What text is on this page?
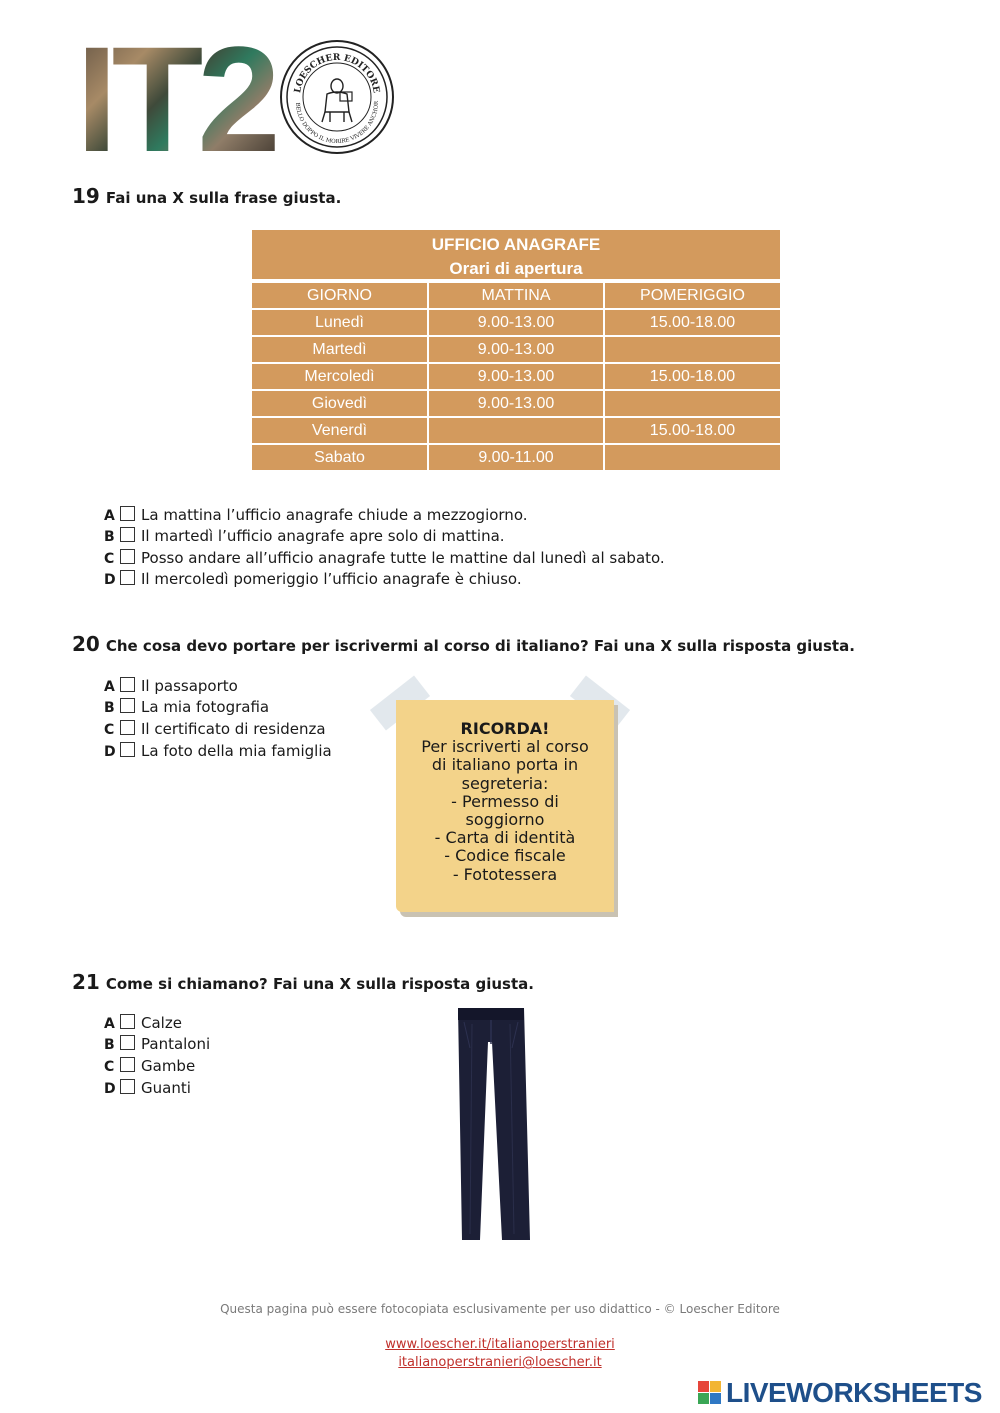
IT2 LOESCHER EDITORE
BELLO DOPPO IL MORIRE VIVERE ANCHOR
19 Fai una X sulla frase giusta.
UFFICIO ANAGRAFE
Orari di apertura
GIORNO	MATTINA	POMERIGGIO
Lunedì	9.00-13.00	15.00-18.00
Martedì	9.00-13.00	
Mercoledì	9.00-13.00	15.00-18.00
Giovedì	9.00-13.00	
Venerdì		15.00-18.00
Sabato	9.00-11.00	
A La mattina l’ufficio anagrafe chiude a mezzogiorno.
B Il martedì l’ufficio anagrafe apre solo di mattina.
C Posso andare all’ufficio anagrafe tutte le mattine dal lunedì al sabato.
D Il mercoledì pomeriggio l’ufficio anagrafe è chiuso.
20 Che cosa devo portare per iscrivermi al corso di italiano? Fai una X sulla risposta giusta.
A Il passaporto
B La mia fotografia
C Il certificato di residenza
D La foto della mia famiglia
RICORDA!
Per iscriverti al corso
di italiano porta in
segreteria:
- Permesso di
soggiorno
- Carta di identità
- Codice fiscale
- Fototessera
21 Come si chiamano? Fai una X sulla risposta giusta.
A Calze
B Pantaloni
C Gambe
D Guanti
Questa pagina può essere fotocopiata esclusivamente per uso didattico - © Loescher Editore
www.loescher.it/italianoperstranieri
italianoperstranieri@loescher.it
LIVEWORKSHEETS
